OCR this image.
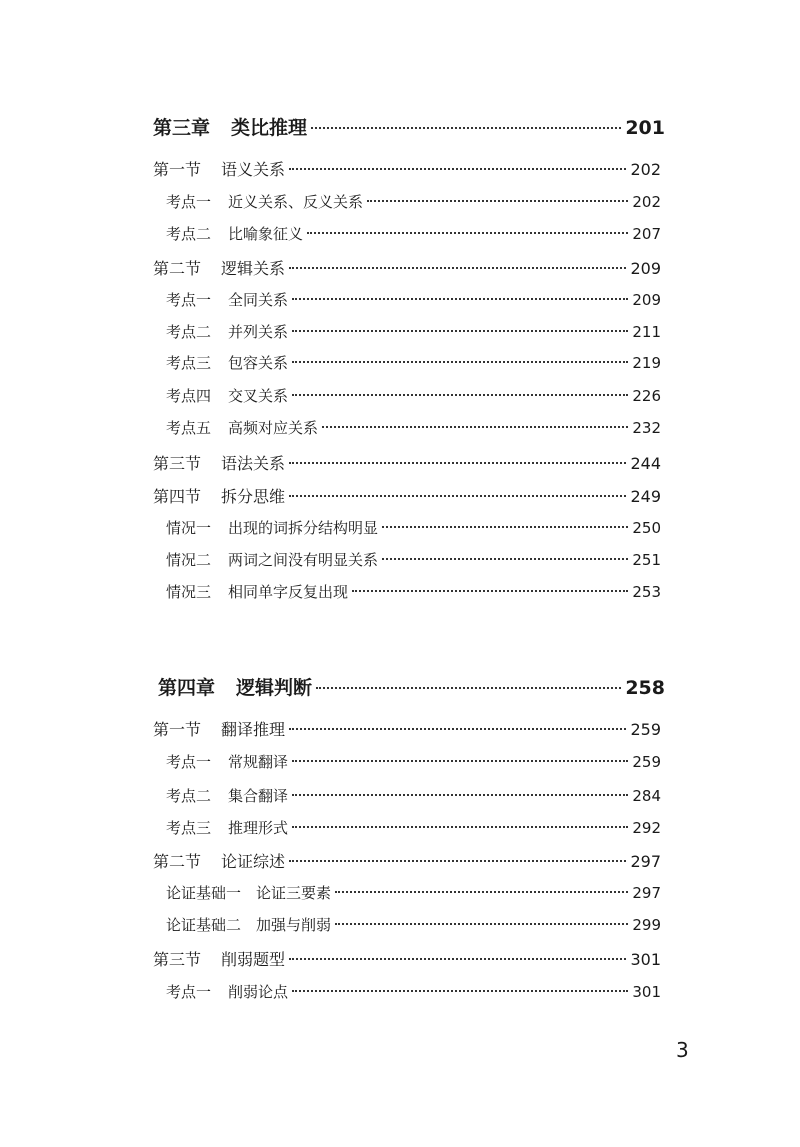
第三章	类比推理	201
第一节	语义关系	202
考点一	近义关系、反义关系	202
考点二	比喻象征义	207
第二节	逻辑关系	209
考点一	全同关系	209
考点二	并列关系	211
考点三	包容关系	219
考点四	交叉关系	226
考点五	高频对应关系	232
第三节	语法关系	244
第四节	拆分思维	249
情况一	出现的词拆分结构明显	250
情况二	两词之间没有明显关系	251
情况三	相同单字反复出现	253
第四章	逻辑判断	258
第一节	翻译推理	259
考点一	常规翻译	259
考点二	集合翻译	284
考点三	推理形式	292
第二节	论证综述	297
论证基础一 论证三要素	297
论证基础二 加强与削弱	299
第三节	削弱题型	301
考点一	削弱论点	301
3
